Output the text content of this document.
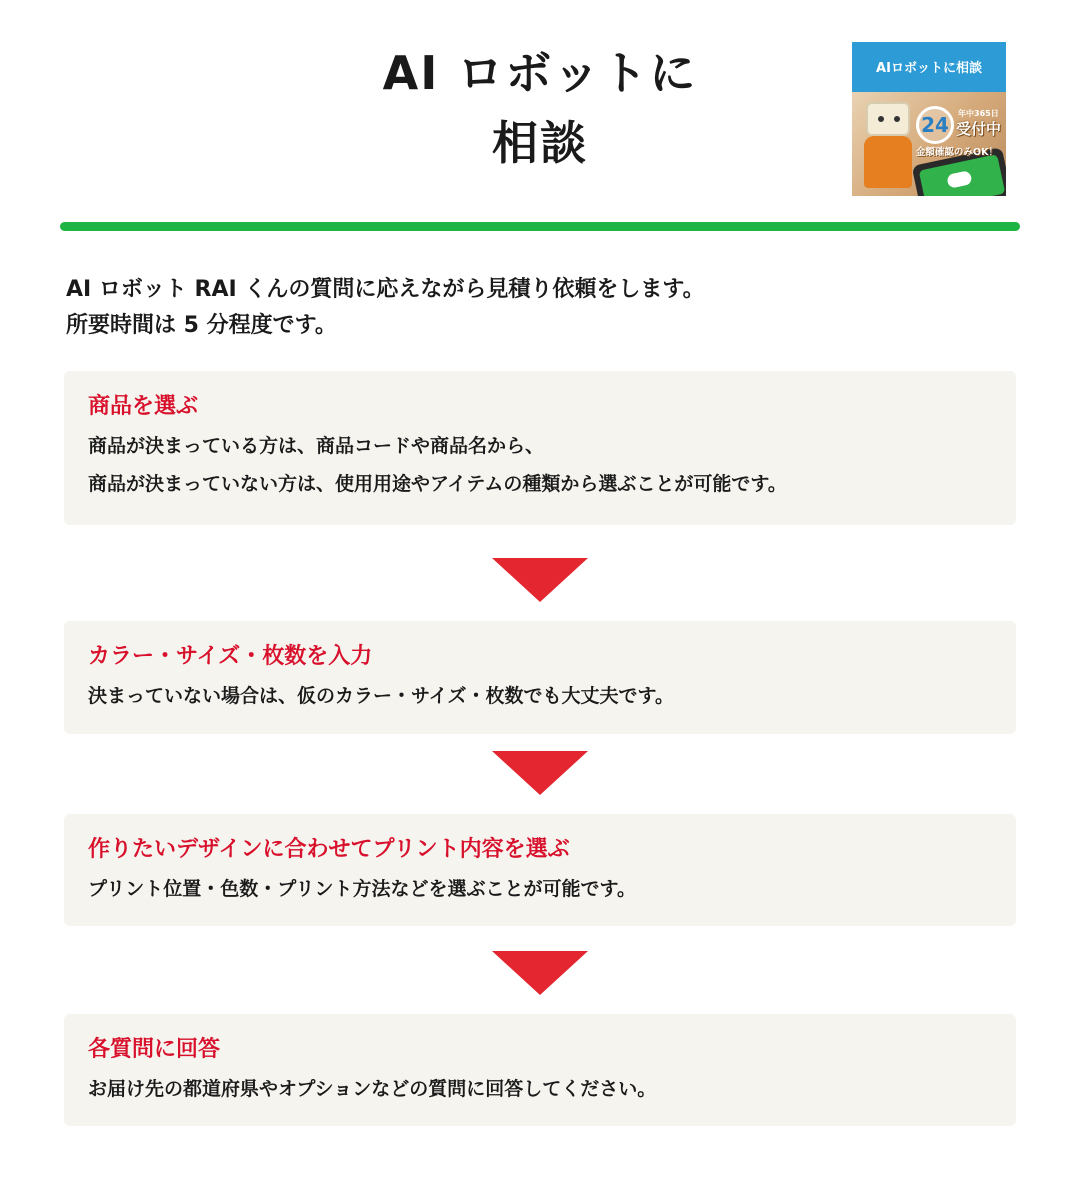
AI ロボットに
相談
AIロボットに相談
24	年中365日
受付中
金額確認のみOK！
AI ロボット RAI くんの質問に応えながら見積り依頼をします。
所要時間は 5 分程度です。
商品を選ぶ
商品が決まっている方は、商品コードや商品名から、
商品が決まっていない方は、使用用途やアイテムの種類から選ぶことが可能です。
カラー・サイズ・枚数を入力
決まっていない場合は、仮のカラー・サイズ・枚数でも大丈夫です。
作りたいデザインに合わせてプリント内容を選ぶ
プリント位置・色数・プリント方法などを選ぶことが可能です。
各質問に回答
お届け先の都道府県やオプションなどの質問に回答してください。
